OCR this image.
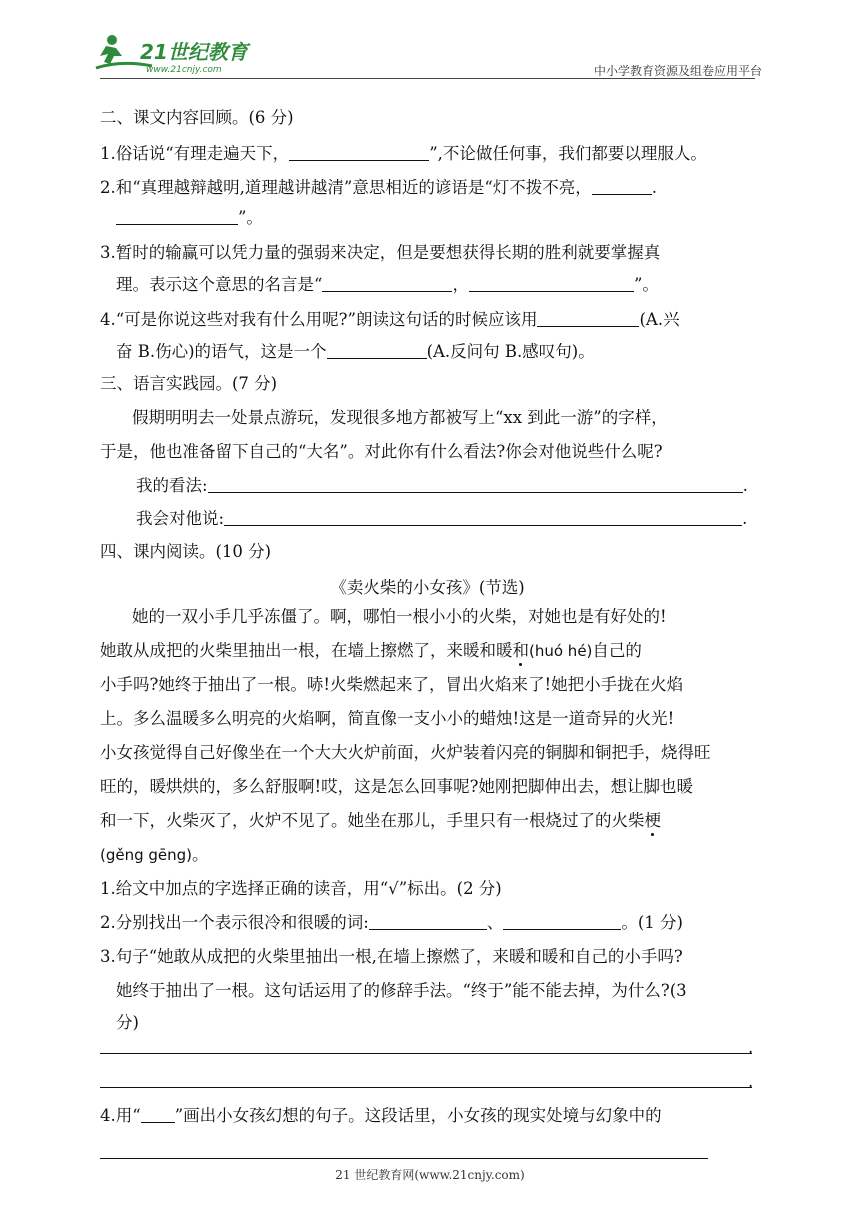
21世纪教育
www.21cnjy.com	中小学教育资源及组卷应用平台
二、课文内容回顾。(6 分)
1.俗话说“有理走遍天下，	”,不论做任何事，我们都要以理服人。
2.和“真理越辩越明,道理越讲越清”意思相近的谚语是“灯不拨不亮，	.
”。
3.暂时的输赢可以凭力量的强弱来决定，但是要想获得长期的胜利就要掌握真
理。表示这个意思的名言是“	，	”。
4.“可是你说这些对我有什么用呢?”朗读这句话的时候应该用	(A.兴
奋 B.伤心)的语气，这是一个	(A.反问句 B.感叹句)。
三、语言实践园。(7 分)
假期明明去一处景点游玩，发现很多地方都被写上“xx 到此一游”的字样，
于是，他也准备留下自己的“大名”。对此你有什么看法?你会对他说些什么呢?
我的看法:	.
我会对他说:	.
四、课内阅读。(10 分)
《卖火柴的小女孩》(节选)
她的一双小手几乎冻僵了。啊，哪怕一根小小的火柴，对她也是有好处的!
她敢从成把的火柴里抽出一根，在墙上擦燃了，来暖和暖和(huó hé)自己的
小手吗?她终于抽出了一根。哧!火柴燃起来了，冒出火焰来了!她把小手拢在火焰
上。多么温暖多么明亮的火焰啊，简直像一支小小的蜡烛!这是一道奇异的火光!
小女孩觉得自己好像坐在一个大大火炉前面，火炉装着闪亮的铜脚和铜把手，烧得旺
旺的，暖烘烘的，多么舒服啊!哎，这是怎么回事呢?她刚把脚伸出去，想让脚也暖
和一下，火柴灭了，火炉不见了。她坐在那儿，手里只有一根烧过了的火柴梗
(gěng gēng)。
1.给文中加点的字选择正确的读音，用“√”标出。(2 分)
2.分别找出一个表示很冷和很暖的词:	、	。(1 分)
3.句子“她敢从成把的火柴里抽出一根,在墙上擦燃了，来暖和暖和自己的小手吗?
她终于抽出了一根。这句话运用了的修辞手法。“终于”能不能去掉，为什么?(3
分)
.
.
4.用“ ”画出小女孩幻想的句子。这段话里，小女孩的现实处境与幻象中的
21 世纪教育网(www.21cnjy.com)
